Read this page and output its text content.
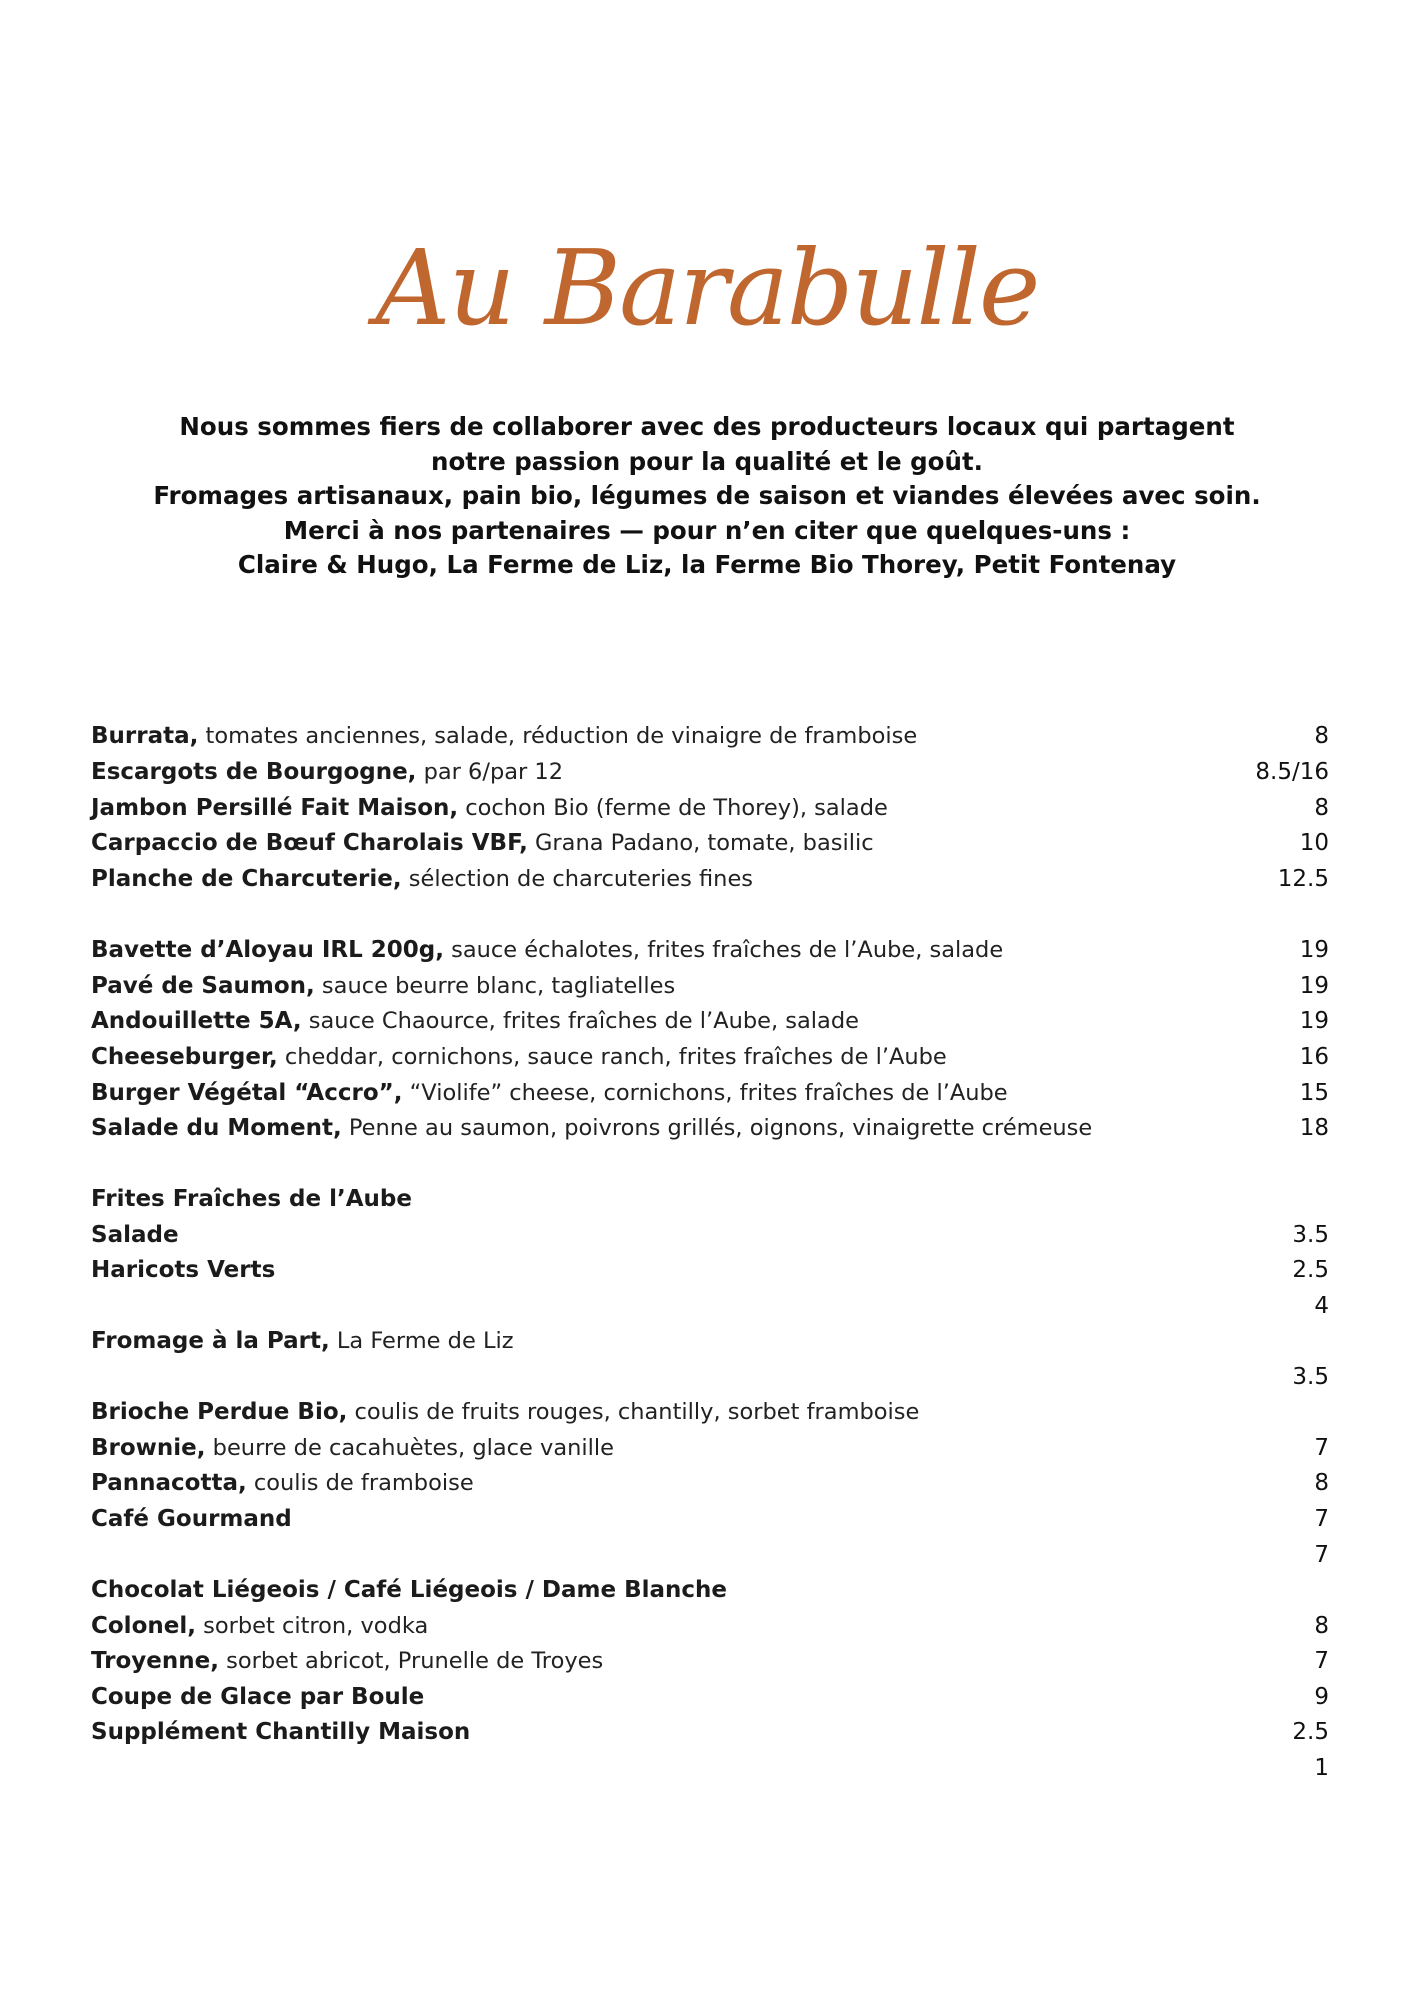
Au Barabulle
Nous sommes fiers de collaborer avec des producteurs locaux qui partagent
notre passion pour la qualité et le goût.
Fromages artisanaux, pain bio, légumes de saison et viandes élevées avec soin.
Merci à nos partenaires — pour n’en citer que quelques-uns :
Claire & Hugo, La Ferme de Liz, la Ferme Bio Thorey, Petit Fontenay
Burrata, tomates anciennes, salade, réduction de vinaigre de framboise
Escargots de Bourgogne, par 6/par 12
Jambon Persillé Fait Maison, cochon Bio (ferme de Thorey), salade
Carpaccio de Bœuf Charolais VBF, Grana Padano, tomate, basilic
Planche de Charcuterie, sélection de charcuteries fines
Bavette d’Aloyau IRL 200g, sauce échalotes, frites fraîches de l’Aube, salade
Pavé de Saumon, sauce beurre blanc, tagliatelles
Andouillette 5A, sauce Chaource, frites fraîches de l’Aube, salade
Cheeseburger, cheddar, cornichons, sauce ranch, frites fraîches de l’Aube
Burger Végétal “Accro”, “Violife” cheese, cornichons, frites fraîches de l’Aube
Salade du Moment, Penne au saumon, poivrons grillés, oignons, vinaigrette crémeuse
Frites Fraîches de l’Aube
Salade
Haricots Verts
Fromage à la Part, La Ferme de Liz
Brioche Perdue Bio, coulis de fruits rouges, chantilly, sorbet framboise
Brownie, beurre de cacahuètes, glace vanille
Pannacotta, coulis de framboise
Café Gourmand
Chocolat Liégeois / Café Liégeois / Dame Blanche
Colonel, sorbet citron, vodka
Troyenne, sorbet abricot, Prunelle de Troyes
Coupe de Glace par Boule
Supplément Chantilly Maison
8
8.5/16
8
10
12.5
19
19
19
16
15
18
3.5
2.5
4
3.5
7
8
7
7
8
7
9
2.5
1
